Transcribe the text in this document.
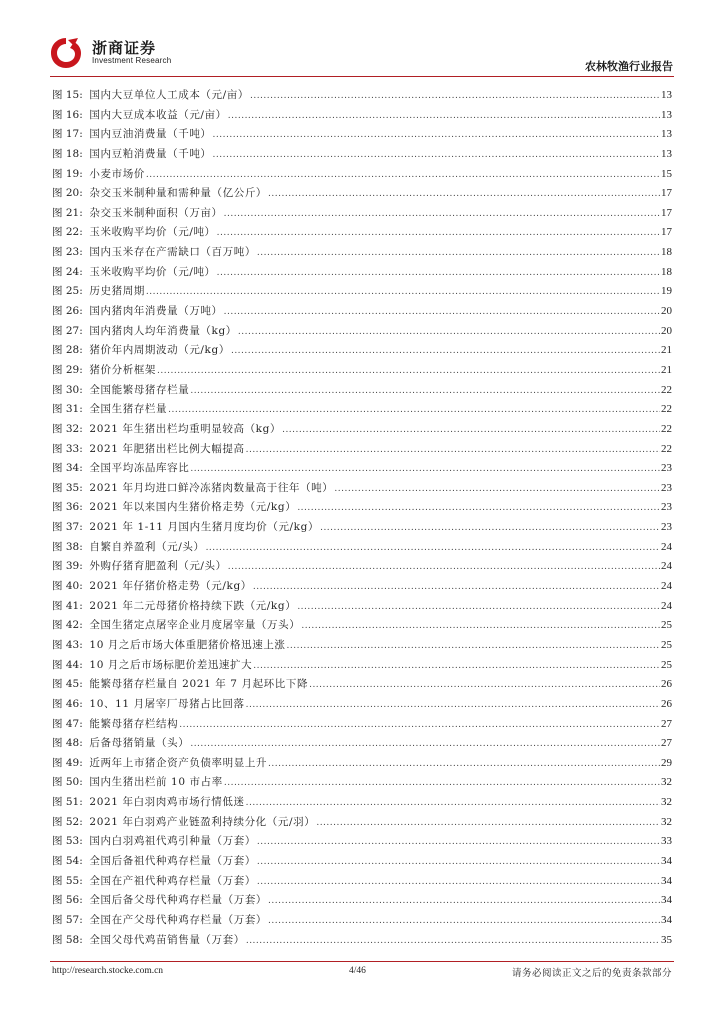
浙商证券
Investment Research	农林牧渔行业报告
图 15: 国内大豆单位人工成本（元/亩） .....	13
图 16: 国内大豆成本收益（元/亩） .....	13
图 17: 国内豆油消费量（千吨） .....	13
图 18: 国内豆粕消费量（千吨） .....	13
图 19: 小麦市场价 .....	15
图 20: 杂交玉米制种量和需种量（亿公斤） .....	17
图 21: 杂交玉米制种面积（万亩） .....	17
图 22: 玉米收购平均价（元/吨） .....	17
图 23: 国内玉米存在产需缺口（百万吨） .....	18
图 24: 玉米收购平均价（元/吨） .....	18
图 25: 历史猪周期 .....	19
图 26: 国内猪肉年消费量（万吨） .....	20
图 27: 国内猪肉人均年消费量（kg） .....	20
图 28: 猪价年内周期波动（元/kg） .....	21
图 29: 猪价分析框架 .....	21
图 30: 全国能繁母猪存栏量 .....	22
图 31: 全国生猪存栏量 .....	22
图 32: 2021 年生猪出栏均重明显较高（kg） .....	22
图 33: 2021 年肥猪出栏比例大幅提高 .....	22
图 34: 全国平均冻品库容比 .....	23
图 35: 2021 年月均进口鲜冷冻猪肉数量高于往年（吨） .....	23
图 36: 2021 年以来国内生猪价格走势（元/kg） .....	23
图 37: 2021 年 1-11 月国内生猪月度均价（元/kg） .....	23
图 38: 自繁自养盈利（元/头） .....	24
图 39: 外购仔猪育肥盈利（元/头） .....	24
图 40: 2021 年仔猪价格走势（元/kg） .....	24
图 41: 2021 年二元母猪价格持续下跌（元/kg） .....	24
图 42: 全国生猪定点屠宰企业月度屠宰量（万头） .....	25
图 43: 10 月之后市场大体重肥猪价格迅速上涨 .....	25
图 44: 10 月之后市场标肥价差迅速扩大 .....	25
图 45: 能繁母猪存栏量自 2021 年 7 月起环比下降 .....	26
图 46: 10、11 月屠宰厂母猪占比回落 .....	26
图 47: 能繁母猪存栏结构 .....	27
图 48: 后备母猪销量（头） .....	27
图 49: 近两年上市猪企资产负债率明显上升 .....	29
图 50: 国内生猪出栏前 10 市占率 .....	32
图 51: 2021 年白羽肉鸡市场行情低迷 .....	32
图 52: 2021 年白羽鸡产业链盈利持续分化（元/羽） .....	32
图 53: 国内白羽鸡祖代鸡引种量（万套） .....	33
图 54: 全国后备祖代种鸡存栏量（万套） .....	34
图 55: 全国在产祖代种鸡存栏量（万套） .....	34
图 56: 全国后备父母代种鸡存栏量（万套） .....	34
图 57: 全国在产父母代种鸡存栏量（万套） .....	34
图 58: 全国父母代鸡苗销售量（万套） .....	35
http://research.stocke.com.cn	4/46	请务必阅读正文之后的免责条款部分
